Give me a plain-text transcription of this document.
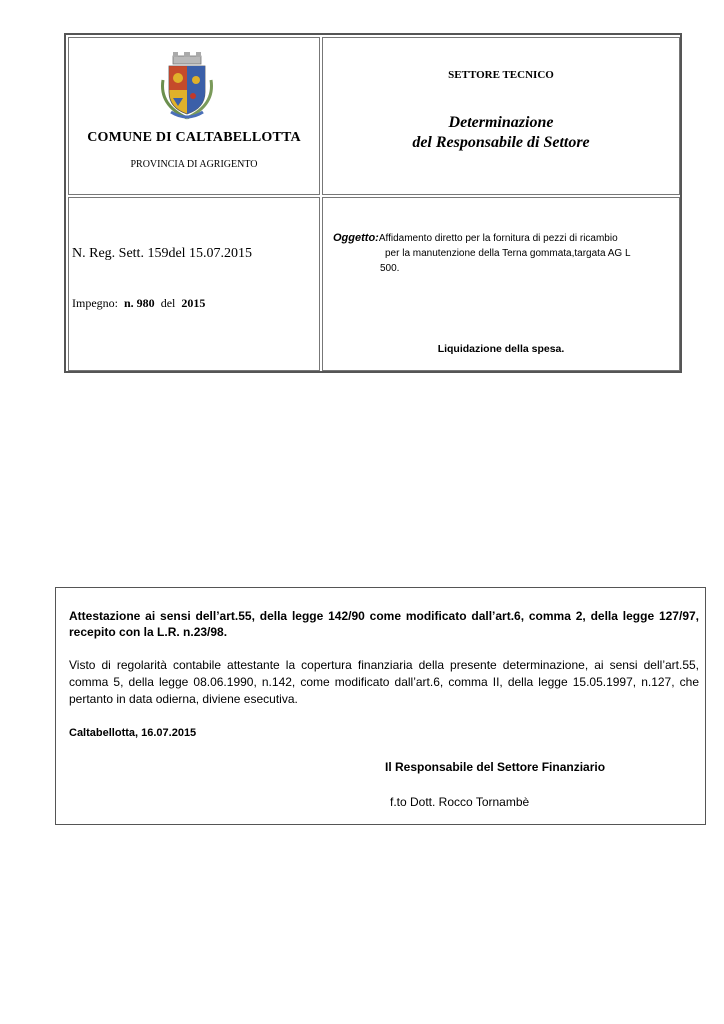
COMUNE DI CALTABELLOTTA
PROVINCIA DI AGRIGENTO
SETTORE TECNICO
Determinazione
del Responsabile di Settore
N. Reg. Sett. 159del 15.07.2015
Impegno: n. 980 del 2015
Oggetto:Affidamento diretto per la fornitura di pezzi di ricambio
per la manutenzione della Terna gommata,targata AG L
500.
Liquidazione della spesa.
Attestazione ai sensi dell’art.55, della legge 142/90 come modificato dall’art.6, comma 2, della legge 127/97, recepito con la L.R. n.23/98.
Visto di regolarità contabile attestante la copertura finanziaria della presente determinazione, ai sensi dell’art.55, comma 5, della legge 08.06.1990, n.142, come modificato dall’art.6, comma II, della legge 15.05.1997, n.127, che pertanto in data odierna, diviene esecutiva.
Caltabellotta, 16.07.2015
Il Responsabile del Settore Finanziario
f.to Dott. Rocco Tornambè
